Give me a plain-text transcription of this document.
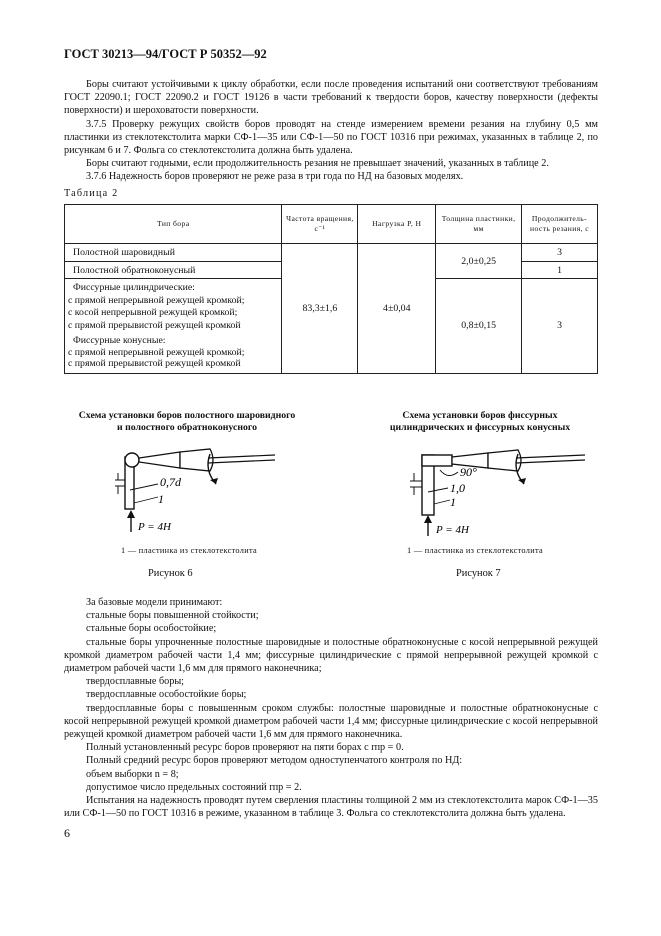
ГОСТ 30213—94/ГОСТ Р 50352—92

Боры считают устойчивыми к циклу обработки, если после проведения испытаний они соответствуют требованиям ГОСТ 22090.1; ГОСТ 22090.2 и ГОСТ 19126 в части требований к твердости боров, качеству поверхности (дефекты поверхности) и шероховатости поверхности.

3.7.5 Проверку режущих свойств боров проводят на стенде измерением времени резания на глубину 0,5 мм пластинки из стеклотекстолита марки СФ-1—35 или СФ-1—50 по ГОСТ 10316 при режимах, указанных в таблице 2, по рисункам 6 и 7. Фольга со стеклотекстолита должна быть удалена.

Боры считают годными, если продолжительность резания не превышает значений, указанных в таблице 2.

3.7.6 Надежность боров проверяют не реже раза в три года по НД на базовых моделях.

Таблица 2
Тип бора	Частота вращения, с⁻¹	Нагрузка P, Н	Толщина пластинки, мм	Продолжитель-ность резания, с
Полостной шаровидный	83,3±1,6	4±0,04	2,0±0,25	3
Полостной обратноконусный				1

Фиссурные цилиндрические:
с прямой непрерывной режущей кромкой;
с косой непрерывной режущей кромкой;
с прямой прерывистой режущей кромкой			0,8±0,15	3

Фиссурные конусные:
с прямой непрерывной режущей кромкой;
с прямой прерывистой режущей кромкой				
Схема установки боров полостного шаровидного
и полостного обратноконусного
0,7d
1
P = 4H
1 — пластинка из стеклотекстолита
Рисунок 6
Схема установки боров фиссурных
цилиндрических и фиссурных конусных
90°
1,0
1
P = 4H
1 — пластинка из стеклотекстолита
Рисунок 7

За базовые модели принимают:

стальные боры повышенной стойкости;

стальные боры особостойкие;

стальные боры упрочненные полостные шаровидные и полостные обратноконусные с косой непрерывной режущей кромкой диаметром рабочей части 1,4 мм; фиссурные цилиндрические с прямой непрерывной режущей кромкой с диаметром рабочей части 1,6 мм для прямого наконечника;

твердосплавные боры;

твердосплавные особостойкие боры;

твердосплавные боры с повышенным сроком службы: полостные шаровидные и полостные обратноконусные с косой непрерывной режущей кромкой диаметром рабочей части 1,4 мм; фиссурные цилиндрические с косой непрерывной режущей кромкой диаметром рабочей части 1,6 мм для прямого наконечника.

Полный установленный ресурс боров проверяют на пяти борах с rпр = 0.

Полный средний ресурс боров проверяют методом одноступенчатого контроля по НД:

объем выборки n = 8;

допустимое число предельных состояний rпр = 2.

Испытания на надежность проводят путем сверления пластины толщиной 2 мм из стеклотекстолита марок СФ-1—35 или СФ-1—50 по ГОСТ 10316 в режиме, указанном в таблице 3. Фольга со стеклотекстолита должна быть удалена.

6
